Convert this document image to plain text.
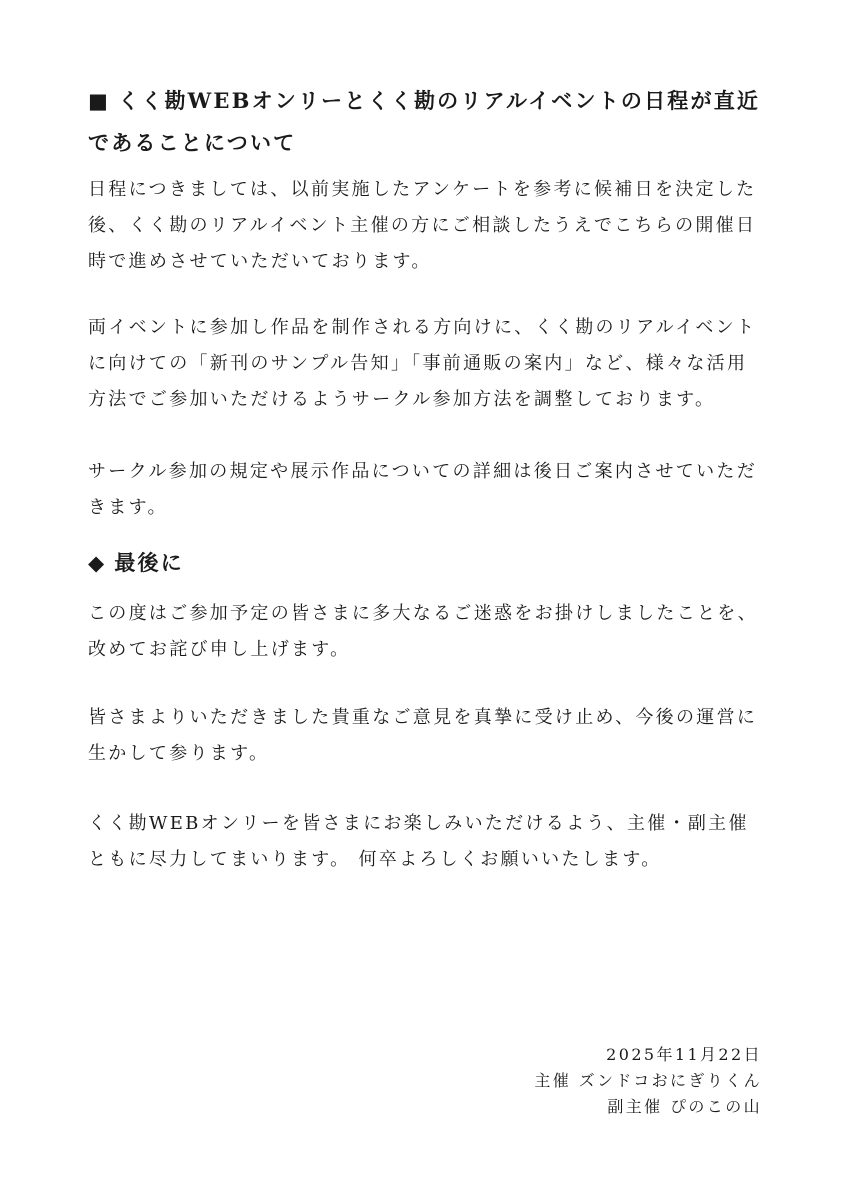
■ くく勘WEBオンリーとくく勘のリアルイベントの日程が直近であることについて

日程につきましては、以前実施したアンケートを参考に候補日を決定した後、くく勘のリアルイベント主催の方にご相談したうえでこちらの開催日時で進めさせていただいております。

両イベントに参加し作品を制作される方向けに、くく勘のリアルイベントに向けての「新刊のサンプル告知」「事前通販の案内」など、様々な活用方法でご参加いただけるようサークル参加方法を調整しております。

サークル参加の規定や展示作品についての詳細は後日ご案内させていただきます。

◆ 最後に

この度はご参加予定の皆さまに多大なるご迷惑をお掛けしましたことを、改めてお詫び申し上げます。

皆さまよりいただきました貴重なご意見を真摯に受け止め、今後の運営に生かして参ります。

くく勘WEBオンリーを皆さまにお楽しみいただけるよう、主催・副主催ともに尽力してまいります。 何卒よろしくお願いいたします。

2025年11月22日
主催 ズンドコおにぎりくん
副主催 ぴのこの山
